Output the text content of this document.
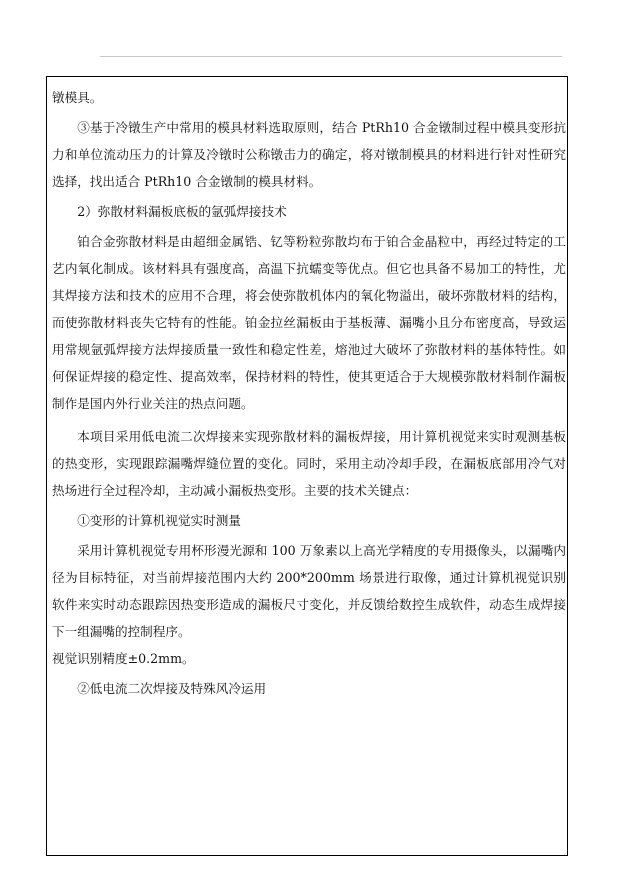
镦模具。

③基于冷镦生产中常用的模具材料选取原则，结合 PtRh10 合金镦制过程中模具变形抗力和单位流动压力的计算及冷镦时公称镦击力的确定，将对镦制模具的材料进行针对性研究选择，找出适合 PtRh10 合金镦制的模具材料。

2）弥散材料漏板底板的氩弧焊接技术

铂合金弥散材料是由超细金属锆、钇等粉粒弥散均布于铂合金晶粒中，再经过特定的工艺内氧化制成。该材料具有强度高，高温下抗蠕变等优点。但它也具备不易加工的特性，尤其焊接方法和技术的应用不合理，将会使弥散机体内的氧化物溢出，破坏弥散材料的结构，而使弥散材料丧失它特有的性能。铂金拉丝漏板由于基板薄、漏嘴小且分布密度高，导致运用常规氩弧焊接方法焊接质量一致性和稳定性差，熔池过大破坏了弥散材料的基体特性。如何保证焊接的稳定性、提高效率，保持材料的特性，使其更适合于大规模弥散材料制作漏板制作是国内外行业关注的热点问题。

本项目采用低电流二次焊接来实现弥散材料的漏板焊接，用计算机视觉来实时观测基板的热变形，实现跟踪漏嘴焊缝位置的变化。同时，采用主动冷却手段，在漏板底部用冷气对热场进行全过程冷却，主动减小漏板热变形。主要的技术关键点：

①变形的计算机视觉实时测量

采用计算机视觉专用杯形漫光源和 100 万象素以上高光学精度的专用摄像头，以漏嘴内径为目标特征，对当前焊接范围内大约 200*200mm 场景进行取像，通过计算机视觉识别软件来实时动态跟踪因热变形造成的漏板尺寸变化，并反馈给数控生成软件，动态生成焊接下一组漏嘴的控制程序。

视觉识别精度±0.2mm。

②低电流二次焊接及特殊风冷运用
